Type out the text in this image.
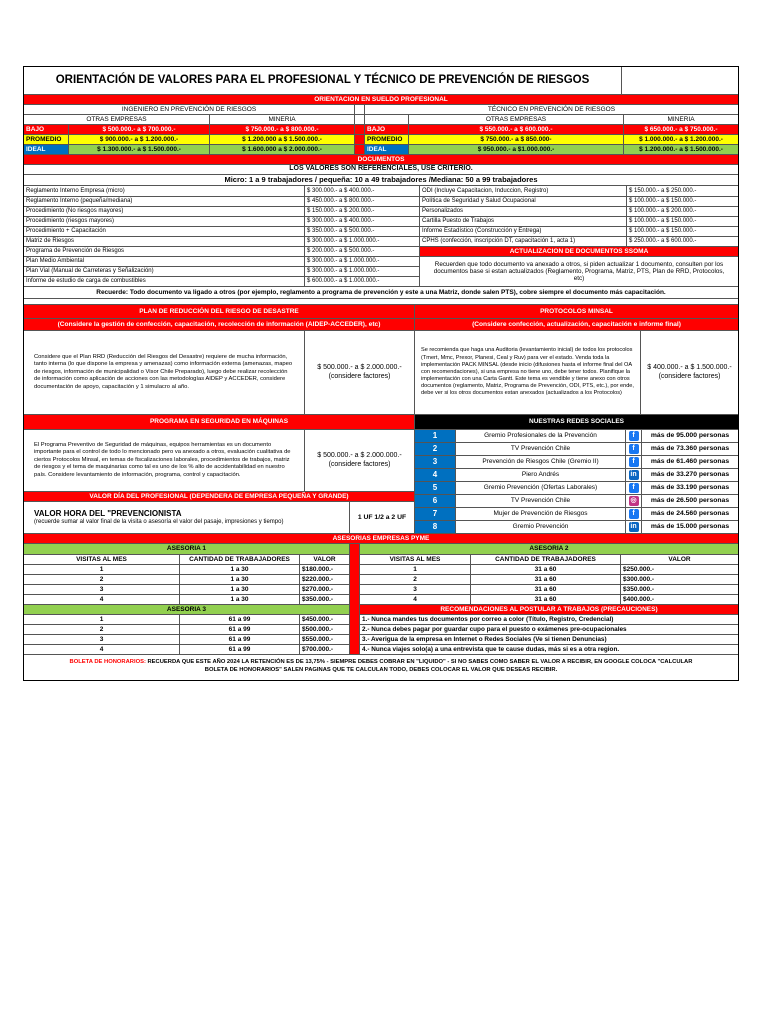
ORIENTACIÓN DE VALORES PARA EL PROFESIONAL Y TÉCNICO DE PREVENCIÓN DE RIESGOS
ORIENTACION EN SUELDO PROFESIONAL
INGENIERO EN PREVENCIÓN DE RIESGOS	TÉCNICO EN PREVENCIÓN DE RIESGOS
OTRAS EMPRESAS	MINERIA	OTRAS EMPRESAS	MINERIA
BAJO	$ 500.000.- a $ 700.000.-	$ 750.000.- a $ 800.000.-	BAJO	$ 550.000.- a $ 600.000.-	$ 650.000.- a $ 750.000.-
PROMEDIO	$ 900.000.- a $ 1.200.000.-	$ 1.200.000 a $ 1.500.000.-	PROMEDIO	$ 750.000.- a $ 850.000-	$ 1.000.000.- a $ 1.200.000.-
IDEAL	$ 1.300.000.- a $ 1.500.000.-	$ 1.600.000 a $ 2.000.000.-	IDEAL	$ 950.000.- a $1.000.000.-	$ 1.200.000.- a $ 1.500.000.-
DOCUMENTOS
LOS VALORES SON REFERENCIALES, USE CRITERIO.
Micro: 1 a 9 trabajadores / pequeña: 10 a 49 trabajadores /Mediana: 50 a 99 trabajadores
Reglamento Interno Empresa (micro)	$ 300.000.- a $ 400.000.-
Reglamento Interno (pequeña/mediana)	$ 450.000.- a $ 800.000.-
Procedimiento (No riesgos mayores)	$ 150.000.- a $ 200.000.-
Procedimiento (riesgos mayores)	$ 300.000.- a $ 400.000.-
Procedimiento + Capacitación	$ 350.000.- a $ 500.000.-
Matriz de Riesgos	$ 300.000.- a $ 1.000.000.-
Programa de Prevención de Riesgos	$ 200.000.- a $ 500.000.-
Plan Medio Ambiental	$ 300.000.- a $ 1.000.000.-
Plan Vial (Manual de Carreteras y Señalización)	$ 300.000.- a $ 1.000.000.-
Informe de estudio de carga de combustibles	$ 600.000.- a $ 1.000.000.-
ODI (Incluye Capacitacion, Induccion, Registro)	$ 150.000.- a $ 250.000.-
Política de Seguridad y Salud Ocupacional	$ 100.000.- a $ 150.000.-
Personalizados	$ 100.000.- a $ 200.000.-
Cartilla Puesto de Trabajos	$ 100.000.- a $ 150.000.-
Informe Estadístico (Construcción y Entrega)	$ 100.000.- a $ 150.000.-
CPHS (confección, inscripción DT, capacitación 1, acta 1)	$ 250.000.- a $ 600.000.-
ACTUALIZACION DE DOCUMENTOS SSOMA
Recuerden que todo documento va anexado a otros, si piden actualizar 1 documento, consulten por los documentos base si estan actualizados (Reglamento, Programa, Matriz, PTS, Plan de RRD, Protocolos, etc)
Recuerde: Todo documento va ligado a otros (por ejemplo, reglamento a programa de prevención y este a una Matriz, donde salen PTS), cobre siempre el documento más capacitación.
PLAN DE REDUCCIÓN DEL RIESGO DE DESASTRE	PROTOCOLOS MINSAL
(Considere la gestión de confección, capacitación, recolección de información (AIDEP-ACCEDER), etc)	(Considere confección, actualización, capacitación e informe final)
Considere que el Plan RRD (Reducción del Riesgos del Desastre) requiere de mucha información, tanto interna (lo que dispone la empresa y amenazas) como información externa (amenazas, mapeo de riesgos, información de municipalidad o Visor Chile Preparado), luego debe realizar recolección de información como aplicación de acciones con las metodologías AIDEP y ACCEDER, considere documentación de apoyo, capacitación y 1 simulacro al año.
$ 500.000.- a $ 2.000.000.-
(considere factores)
Se recomienda que haga una Auditoria (levantamiento inicial) de todos los protocolos (Tmert, Mmc, Prexor, Planesi, Ceal y Ruv) para ver el estado. Venda toda la implementación PACK MINSAL (desde inicio (difusiones hasta el informe final del OA con recomendaciones), si una empresa no tiene uno, debe tener todos. Planifique la implementación con una Carta Gantt. Este tema es vendible y tiene anexo con otros documentos (reglamento, Matriz, Programa de Prevención, ODI, PTS, etc.), por ende, debe ver si los otros documentos estan anexados (actualizados a los Protocolos)
$ 400.000.- a $ 1.500.000.-
(considere factores)
PROGRAMA EN SEGURIDAD EN MÁQUINAS
El Programa Preventivo de Seguridad de máquinas, equipos herramientas es un documento importante para el control de todo lo mencionado pero va anexado a otros, evaluación cualitativa de ciertos Protocolos Minsal, en temas de fiscalizaciones laborales, procedimientos de trabajos, matriz de riesgos y el tema de maquinarias como tal es uno de los % alto de accidentabilidad en nuestro país. Considere levantamiento de información, programa, control y capacitación.
$ 500.000.- a $ 2.000.000.-
(considere factores)
VALOR DÍA DEL PROFESIONAL (DEPENDERA DE EMPRESA PEQUEÑA Y GRANDE)
VALOR HORA DEL "PREVENCIONISTA
(recuerde sumar al valor final de la visita o asesoría el valor del pasaje, impresiones y tiempo)
1 UF 1/2 a 2 UF
NUESTRAS REDES SOCIALES
1	Gremio Profesionales de la Prevención	f	más de 95.000 personas
2	TV Prevención Chile	f	más de 73.360 personas
3	Prevención de Riesgos Chile (Gremio II)	f	más de 61.460 personas
4	Piero Andrés	in	más de 33.270 personas
5	Gremio Prevención (Ofertas Laborales)	f	más de 33.190 personas
6	TV Prevención Chile	◎	más de 26.500 personas
7	Mujer de Prevención de Riesgos	f	más de 24.560 personas
8	Gremio Prevención	in	más de 15.000 personas
ASESORIAS EMPRESAS PYME
ASESORIA 1
VISITAS AL MES	CANTIDAD DE TRABAJADORES	VALOR
1	1 a 30	$180.000.-
2	1 a 30	$220.000.-
3	1 a 30	$270.000.-
4	1 a 30	$350.000.-
ASESORIA 3
1	61 a 99	$450.000.-
2	61 a 99	$500.000.-
3	61 a 99	$550.000.-
4	61 a 99	$700.000.-
ASESORIA 2
VISITAS AL MES	CANTIDAD DE TRABAJADORES	VALOR
1	31 a 60	$250.000.-
2	31 a 60	$300.000.-
3	31 a 60	$350.000.-
4	31 a 60	$400.000.-
RECOMENDACIONES AL POSTULAR A TRABAJOS (PRECAUCIONES)
1.- Nunca mandes tus documentos por correo a color (Título, Registro, Credencial)
2.- Nunca debes pagar por guardar cupo para el puesto o exámenes pre-ocupacionales
3.- Averigua de la empresa en Internet o Redes Sociales (Ve si tienen Denuncias)
4.- Nunca viajes solo(a) a una entrevista que te cause dudas, más si es a otra region.
BOLETA DE HONORARIOS: RECUERDA QUE ESTE AÑO 2024 LA RETENCIÓN ES DE 13,75% - SIEMPRE DEBES COBRAR EN "LIQUIDO" - SI NO SABES COMO SABER EL VALOR A RECIBIR, EN GOOGLE COLOCA "CALCULAR BOLETA DE HONORARIOS" SALEN PAGINAS QUE TE CALCULAN TODO, DEBES COLOCAR EL VALOR QUE DESEAS RECIBIR.
